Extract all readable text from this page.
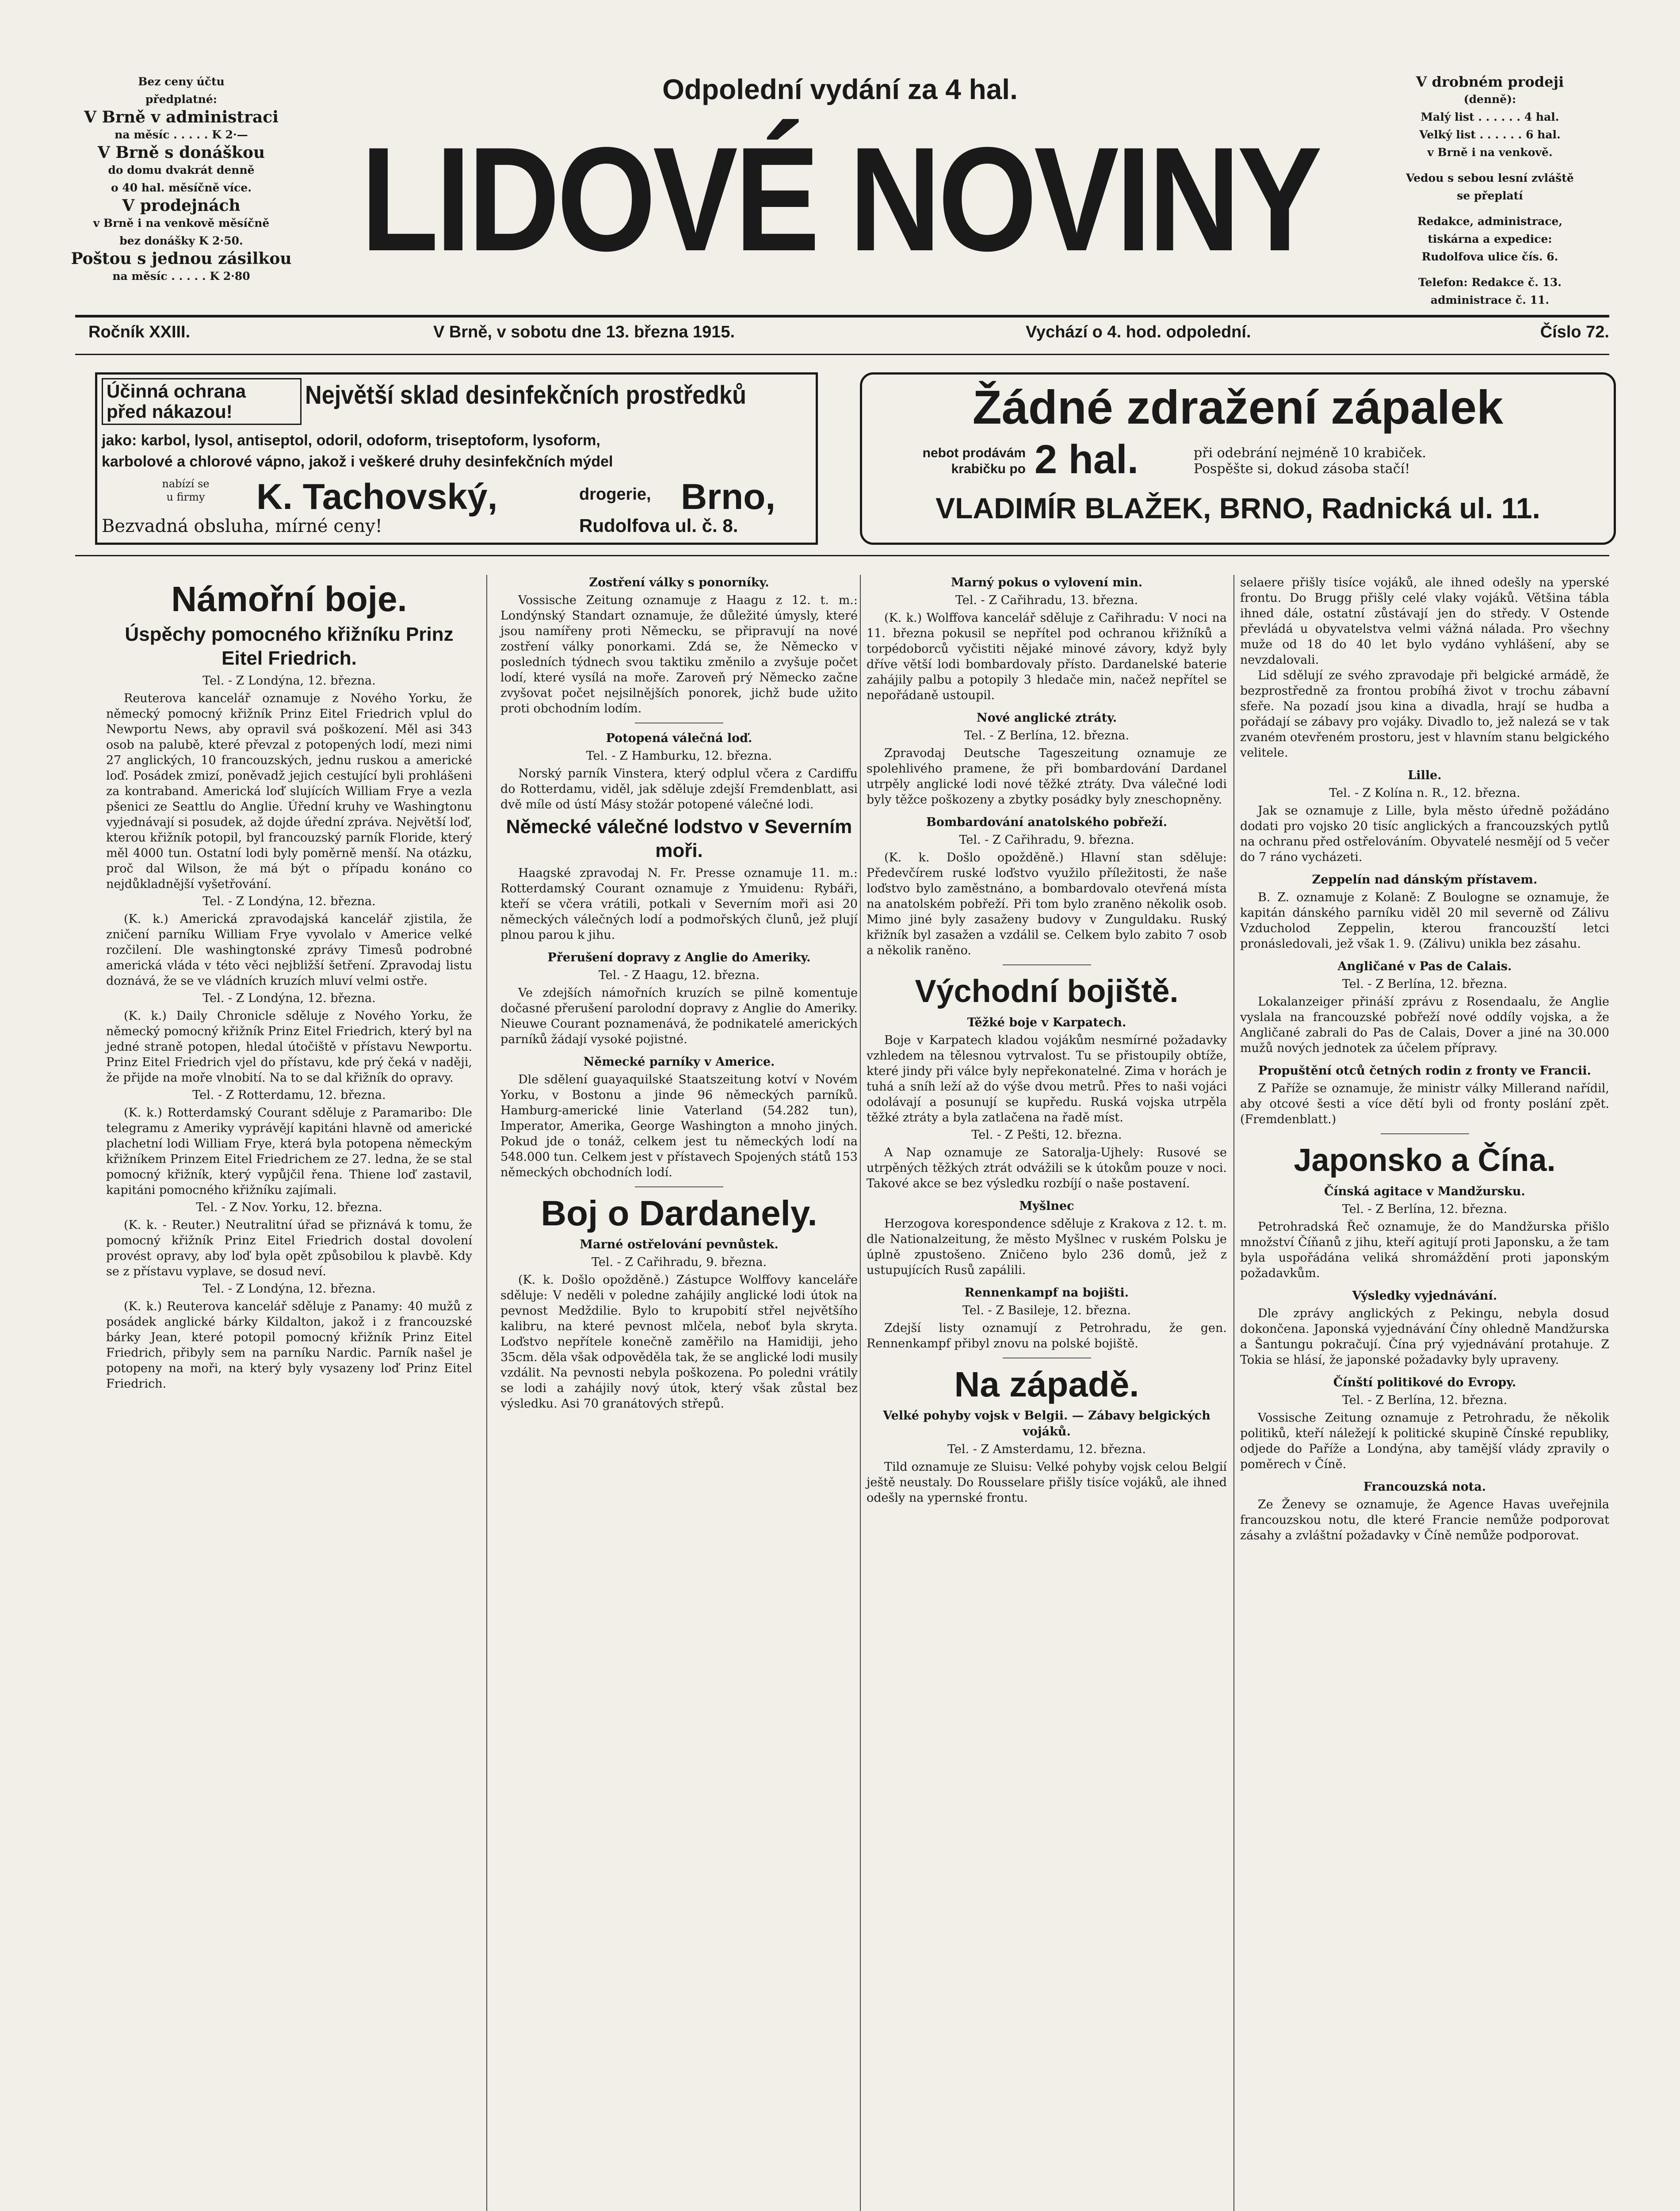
Bez ceny účtu
předplatné:
V Brně v administraci
na měsíc . . . . . K 2·—
V Brně s donáškou
do domu dvakrát denně
o 40 hal. měsíčně více.
V prodejnách
v Brně i na venkově měsíčně
bez donášky K 2·50.
Poštou s jednou zásilkou
na měsíc . . . . . K 2·80
Odpolední vydání za 4 hal.
LIDOVÉ NOVINY
V drobném prodeji
(denně):
Malý list . . . . . . 4 hal.
Velký list . . . . . . 6 hal.
v Brně i na venkově.
Vedou s sebou lesní zvláště
se přeplatí
Redakce, administrace,
tiskárna a expedice:
Rudolfova ulice čís. 6.
Telefon: Redakce č. 13.
administrace č. 11.
Ročník XXIII.	V Brně, v sobotu dne 13. března 1915.	Vychází o 4. hod. odpolední.	Číslo 72.
Účinná ochrana
před nákazou!
Největší sklad desinfekčních prostředků
jako: karbol, lysol, antiseptol, odoril, odoform, triseptoform, lysoform,
karbolové a chlorové vápno, jakož i veškeré druhy desinfekčních mýdel
nabízí se
u firmy	K. Tachovský,	drogerie, Brno,
Bezvadná obsluha, mírné ceny!	Rudolfova ul. č. 8.
Žádné zdražení zápalek
nebot prodávám
krabičku po 2 hal.	při odebrání nejméně 10 krabiček.
Pospěšte si, dokud zásoba stačí!
VLADIMÍR BLAŽEK, BRNO, Radnická ul. 11.
Námořní boje.
Úspěchy pomocného křižníku Prinz Eitel Friedrich.
Tel. - Z Londýna, 12. března.

Reuterova kancelář oznamuje z Nového Yorku, že německý pomocný křižník Prinz Eitel Friedrich vplul do Newportu News, aby opravil svá poškození. Měl asi 343 osob na palubě, které převzal z potopených lodí, mezi nimi 27 anglických, 10 francouzských, jednu ruskou a americké loď. Posádek zmizí, poněvadž jejich cestující byli prohlášeni za kontraband. Americká loď slujících William Frye a vezla pšenici ze Seattlu do Anglie. Úřední kruhy ve Washingtonu vyjednávají si posudek, až dojde úřední zpráva. Největší loď, kterou křižník potopil, byl francouzský parník Floride, který měl 4000 tun. Ostatní lodi byly poměrně menší. Na otázku, proč dal Wilson, že má být o případu konáno co nejdůkladnější vyšetřování.

Tel. - Z Londýna, 12. března.

(K. k.) Americká zpravodajská kancelář zjistila, že zničení parníku William Frye vyvolalo v Americe velké rozčilení. Dle washingtonské zprávy Timesů podrobné americká vláda v této věci nejbližší šetření. Zpravodaj listu doznává, že se ve vládních kruzích mluví velmi ostře.

Tel. - Z Londýna, 12. března.

(K. k.) Daily Chronicle sděluje z Nového Yorku, že německý pomocný křižník Prinz Eitel Friedrich, který byl na jedné straně potopen, hledal útočiště v přístavu Newportu. Prinz Eitel Friedrich vjel do přístavu, kde prý čeká v naději, že přijde na moře vlnobití. Na to se dal křižník do opravy.

Tel. - Z Rotterdamu, 12. března.

(K. k.) Rotterdamský Courant sděluje z Paramaribo: Dle telegramu z Ameriky vyprávějí kapitáni hlavně od americké plachetní lodi William Frye, která byla potopena německým křižníkem Prinzem Eitel Friedrichem ze 27. ledna, že se stal pomocný křižník, který vypůjčil řena. Thiene loď zastavil, kapitáni pomocného křižníku zajímali.

Tel. - Z Nov. Yorku, 12. března.

(K. k. - Reuter.) Neutralitní úřad se přiznává k tomu, že pomocný křižník Prinz Eitel Friedrich dostal dovolení provést opravy, aby loď byla opět způsobilou k plavbě. Kdy se z přístavu vyplave, se dosud neví.

Tel. - Z Londýna, 12. března.

(K. k.) Reuterova kancelář sděluje z Panamy: 40 mužů z posádek anglické bárky Kildalton, jakož i z francouzské bárky Jean, které potopil pomocný křižník Prinz Eitel Friedrich, přibyly sem na parníku Nardic. Parník našel je potopeny na moři, na který byly vysazeny loď Prinz Eitel Friedrich.

Zostření války s ponorníky.

Vossische Zeitung oznamuje z Haagu z 12. t. m.: Londýnský Standart oznamuje, že důležité úmysly, které jsou namířeny proti Německu, se připravují na nové zostření války ponorkami. Zdá se, že Německo v posledních týdnech svou taktiku změnilo a zvyšuje počet lodí, které vysílá na moře. Zaroveň prý Německo začne zvyšovat počet nejsilnějších ponorek, jichž bude užito proti obchodním lodím.

Potopená válečná loď.
Tel. - Z Hamburku, 12. března.

Norský parník Vinstera, který odplul včera z Cardiffu do Rotterdamu, viděl, jak sděluje zdejší Fremdenblatt, asi dvě míle od ústí Másy stožár potopené válečné lodi.

Německé válečné lodstvo v Severním moři.

Haagské zpravodaj N. Fr. Presse oznamuje 11. m.: Rotterdamský Courant oznamuje z Ymuidenu: Rybáři, kteří se včera vrátili, potkali v Severním moři asi 20 německých válečných lodí a podmořských člunů, jež plují plnou parou k jihu.

Přerušení dopravy z Anglie do Ameriky.
Tel. - Z Haagu, 12. března.

Ve zdejších námořních kruzích se pilně komentuje dočasné přerušení parolodní dopravy z Anglie do Ameriky. Nieuwe Courant poznamenává, že podnikatelé amerických parníků žádají vysoké pojistné.

Německé parníky v Americe.

Dle sdělení guayaquilské Staatszeitung kotví v Novém Yorku, v Bostonu a jinde 96 německých parníků. Hamburg-americké linie Vaterland (54.282 tun), Imperator, Amerika, George Washington a mnoho jiných. Pokud jde o tonáž, celkem jest tu německých lodí na 548.000 tun. Celkem jest v přístavech Spojených států 153 německých obchodních lodí.

Boj o Dardanely.
Marné ostřelování pevnůstek.
Tel. - Z Cařihradu, 9. března.

(K. k. Došlo opožděně.) Zástupce Wolffovy kanceláře sděluje: V neděli v poledne zahájily anglické lodi útok na pevnost Medždilie. Bylo to krupobití střel největšího kalibru, na které pevnost mlčela, neboť byla skryta. Loďstvo nepřítele konečně zaměřilo na Hamidiji, jeho 35cm. děla však odpověděla tak, že se anglické lodi musily vzdálit. Na pevnosti nebyla poškozena. Po poledni vrátily se lodi a zahájily nový útok, který však zůstal bez výsledku. Asi 70 granátových střepů.

Marný pokus o vylovení min.
Tel. - Z Cařihradu, 13. března.

(K. k.) Wolffova kancelář sděluje z Cařihradu: V noci na 11. března pokusil se nepřítel pod ochranou křižníků a torpédoborců vyčistiti nějaké minové závory, když byly dříve větší lodi bombardovaly přísto. Dardanelské baterie zahájily palbu a potopily 3 hledače min, načež nepřítel se nepořádaně ustoupil.

Nové anglické ztráty.
Tel. - Z Berlína, 12. března.

Zpravodaj Deutsche Tageszeitung oznamuje ze spolehlivého pramene, že při bombardování Dardanel utrpěly anglické lodi nové těžké ztráty. Dva válečné lodi byly těžce poškozeny a zbytky posádky byly zneschopněny.

Bombardování anatolského pobřeží.
Tel. - Z Cařihradu, 9. března.

(K. k. Došlo opožděně.) Hlavní stan sděluje: Předevčírem ruské loďstvo využilo příležitosti, že naše loďstvo bylo zaměstnáno, a bombardovalo otevřená místa na anatolském pobřeží. Při tom bylo zraněno několik osob. Mimo jiné byly zasaženy budovy v Zunguldaku. Ruský křižník byl zasažen a vzdálil se. Celkem bylo zabito 7 osob a několik raněno.

Východní bojiště.
Těžké boje v Karpatech.

Boje v Karpatech kladou vojákům nesmírné požadavky vzhledem na tělesnou vytrvalost. Tu se přistoupily obtíže, které jindy při válce byly nepřekonatelné. Zima v horách je tuhá a sníh leží až do výše dvou metrů. Přes to naši vojáci odolávají a posunují se kupředu. Ruská vojska utrpěla těžké ztráty a byla zatlačena na řadě míst.

Tel. - Z Pešti, 12. března.

A Nap oznamuje ze Satoralja-Ujhely: Rusové se utrpěných těžkých ztrát odvážili se k útokům pouze v noci. Takové akce se bez výsledku rozbíjí o naše postavení.

Myšlnec

Herzogova korespondence sděluje z Krakova z 12. t. m. dle Nationalzeitung, že město Myšlnec v ruském Polsku je úplně zpustošeno. Zničeno bylo 236 domů, jež z ustupujících Rusů zapálili.

Rennenkampf na bojišti.
Tel. - Z Basileje, 12. března.

Zdejší listy oznamují z Petrohradu, že gen. Rennenkampf přibyl znovu na polské bojiště.

Na západě.
Velké pohyby vojsk v Belgii. — Zábavy belgických vojáků.
Tel. - Z Amsterdamu, 12. března.

Tild oznamuje ze Sluisu: Velké pohyby vojsk celou Belgií ještě neustaly. Do Rousselare přišly tisíce vojáků, ale ihned odešly na ypernské frontu.

selaere přišly tisíce vojáků, ale ihned odešly na yperské frontu. Do Brugg přišly celé vlaky vojáků. Většina tábla ihned dále, ostatní zůstávají jen do středy. V Ostende převládá u obyvatelstva velmi vážná nálada. Pro všechny muže od 18 do 40 let bylo vydáno vyhlášení, aby se nevzdalovali.

Lid sdělují ze svého zpravodaje při belgické armádě, že bezprostředně za frontou probíhá život v trochu zábavní sfeře. Na pozadí jsou kina a divadla, hrají se hudba a pořádají se zábavy pro vojáky. Divadlo to, jež nalezá se v tak zvaném otevřeném prostoru, jest v hlavním stanu belgického velitele.

Lille.
Tel. - Z Kolína n. R., 12. března.

Jak se oznamuje z Lille, byla město úředně požádáno dodati pro vojsko 20 tisíc anglických a francouzských pytlů na ochranu před ostřelováním. Obyvatelé nesmějí od 5 večer do 7 ráno vycházeti.

Zeppelín nad dánským přístavem.

B. Z. oznamuje z Kolaně: Z Boulogne se oznamuje, že kapitán dánského parníku viděl 20 mil severně od Zálivu Vzducholod Zeppelin, kterou francouzští letci pronásledovali, jež však 1. 9. (Zálivu) unikla bez zásahu.

Angličané v Pas de Calais.
Tel. - Z Berlína, 12. března.

Lokalanzeiger přináší zprávu z Rosendaalu, že Anglie vyslala na francouzské pobřeží nové oddíly vojska, a že Angličané zabrali do Pas de Calais, Dover a jiné na 30.000 mužů nových jednotek za účelem přípravy.

Propuštění otců četných rodin z fronty ve Francii.

Z Paříže se oznamuje, že ministr války Millerand nařídil, aby otcové šesti a více dětí byli od fronty poslání zpět. (Fremdenblatt.)

Japonsko a Čína.
Čínská agitace v Mandžursku.
Tel. - Z Berlína, 12. března.

Petrohradská Řeč oznamuje, že do Mandžurska přišlo množství Číňanů z jihu, kteří agitují proti Japonsku, a že tam byla uspořádána veliká shromáždění proti japonským požadavkům.

Výsledky vyjednávání.

Dle zprávy anglických z Pekingu, nebyla dosud dokončena. Japonská vyjednávání Číny ohledně Mandžurska a Šantungu pokračují. Čína prý vyjednávání protahuje. Z Tokia se hlásí, že japonské požadavky byly upraveny.

Čínští politikové do Evropy.
Tel. - Z Berlína, 12. března.

Vossische Zeitung oznamuje z Petrohradu, že několik politiků, kteří náležejí k politické skupině Čínské republiky, odjede do Paříže a Londýna, aby tamější vlády zpravily o poměrech v Číně.

Francouzská nota.

Ze Ženevy se oznamuje, že Agence Havas uveřejnila francouzskou notu, dle které Francie nemůže podporovat zásahy a zvláštní požadavky v Číně nemůže podporovat.
